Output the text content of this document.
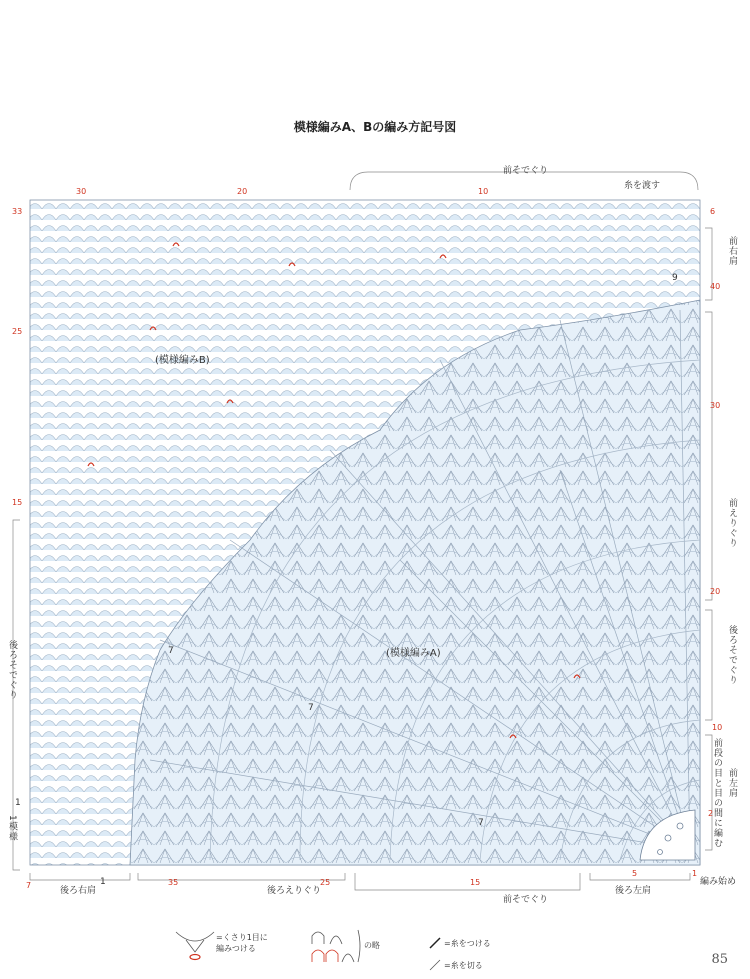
模様編みA、Bの編み方記号図
33
25
15
7
6
40
30
20
10
2
1
30	20	10
35	25	15
5
1
1
9
7
7
7
(模様編みB)
(模様編みA)
前そでぐり
糸を渡す
前右肩
前えりぐり
後ろそでぐり
前左肩
前段の目と目の間に編む
後ろそでぐり
1模様
後ろ右肩	後ろえりぐり
前そでぐり
後ろ左肩
編み始め
=くさり1目に
編みつける	の略	=糸をつける
=糸を切る	85
